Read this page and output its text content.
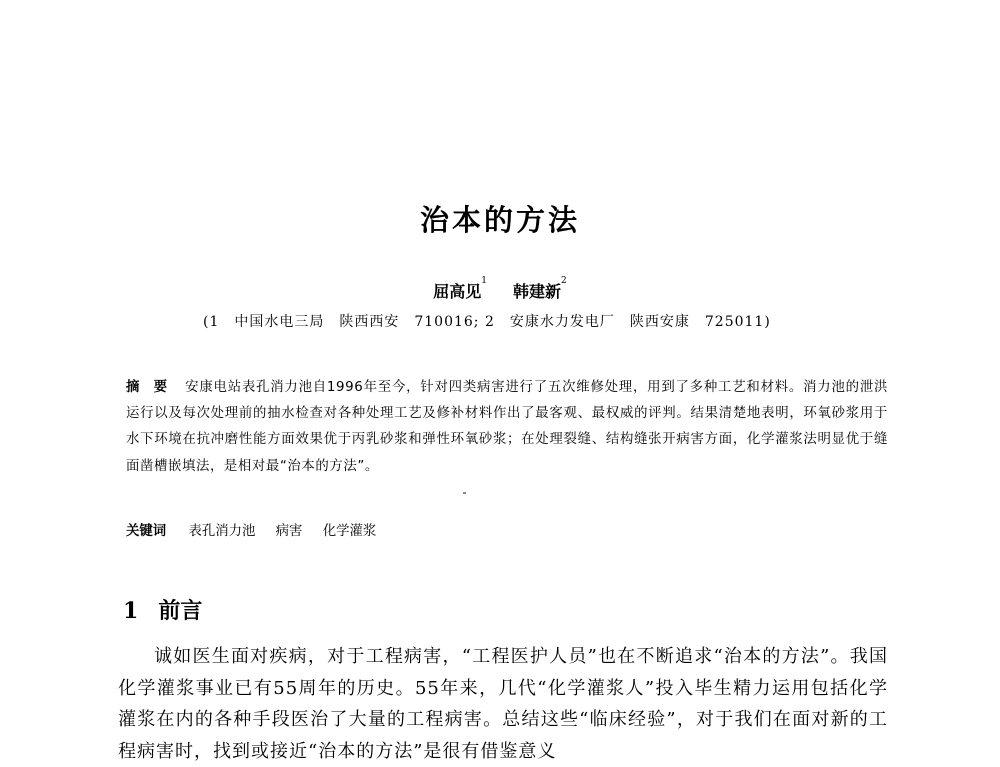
治本的方法
屈高见$^1$韩建新$^2$
(1　中国水电三局　陕西西安　710016; 2　安康水力发电厂　陕西安康　725011)
摘要 安康电站表孔消力池自1996年至今，针对四类病害进行了五次维修处理，用到了多种工艺和材料。消力池的泄洪运行以及每次处理前的抽水检查对各种处理工艺及修补材料作出了最客观、最权威的评判。结果清楚地表明，环氧砂浆用于水下环境在抗冲磨性能方面效果优于丙乳砂浆和弹性环氧砂浆；在处理裂缝、结构缝张开病害方面，化学灌浆法明显优于缝面凿槽嵌填法，是相对最“治本的方法”。
关键词 表孔消力池 病害 化学灌浆
1 前言
诚如医生面对疾病，对于工程病害，“工程医护人员”也在不断追求“治本的方法”。我国化学灌浆事业已有55周年的历史。55年来，几代“化学灌浆人”投入毕生精力运用包括化学灌浆在内的各种手段医治了大量的工程病害。总结这些“临床经验”，对于我们在面对新的工程病害时，找到或接近“治本的方法”是很有借鉴意义
